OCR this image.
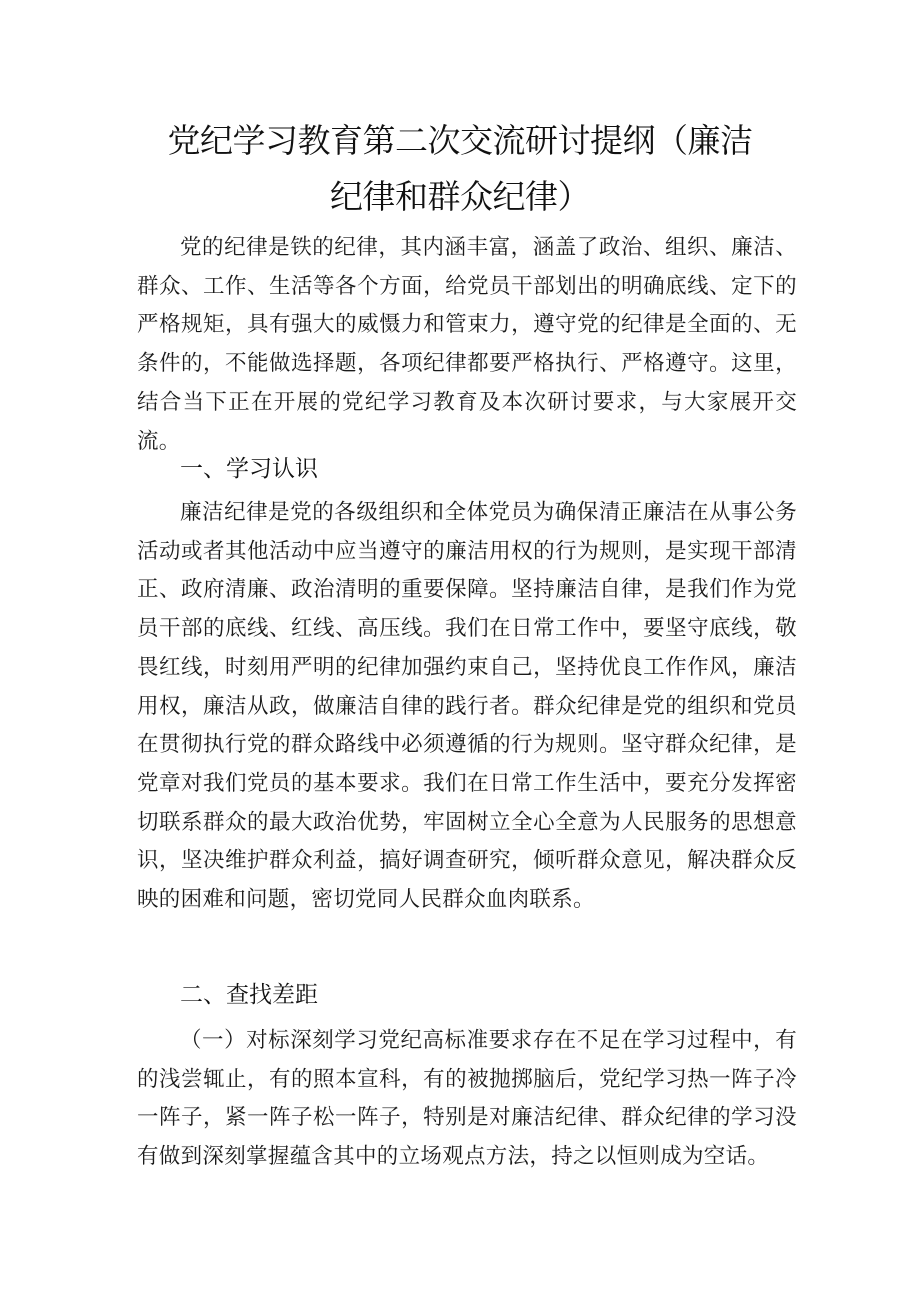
党纪学习教育第二次交流研讨提纲（廉洁
纪律和群众纪律）

党的纪律是铁的纪律，其内涵丰富，涵盖了政治、组织、廉洁、群众、工作、生活等各个方面，给党员干部划出的明确底线、定下的严格规矩，具有强大的威慑力和管束力，遵守党的纪律是全面的、无条件的，不能做选择题，各项纪律都要严格执行、严格遵守。这里，结合当下正在开展的党纪学习教育及本次研讨要求，与大家展开交流。

一、学习认识

廉洁纪律是党的各级组织和全体党员为确保清正廉洁在从事公务活动或者其他活动中应当遵守的廉洁用权的行为规则，是实现干部清正、政府清廉、政治清明的重要保障。坚持廉洁自律，是我们作为党员干部的底线、红线、高压线。我们在日常工作中，要坚守底线，敬畏红线，时刻用严明的纪律加强约束自己，坚持优良工作作风，廉洁用权，廉洁从政，做廉洁自律的践行者。群众纪律是党的组织和党员在贯彻执行党的群众路线中必须遵循的行为规则。坚守群众纪律，是党章对我们党员的基本要求。我们在日常工作生活中，要充分发挥密切联系群众的最大政治优势，牢固树立全心全意为人民服务的思想意识，坚决维护群众利益，搞好调查研究，倾听群众意见，解决群众反映的困难和问题，密切党同人民群众血肉联系。

二、查找差距

（一）对标深刻学习党纪高标准要求存在不足在学习过程中，有的浅尝辄止，有的照本宣科，有的被抛掷脑后，党纪学习热一阵子冷一阵子，紧一阵子松一阵子，特别是对廉洁纪律、群众纪律的学习没有做到深刻掌握蕴含其中的立场观点方法，持之以恒则成为空话。
